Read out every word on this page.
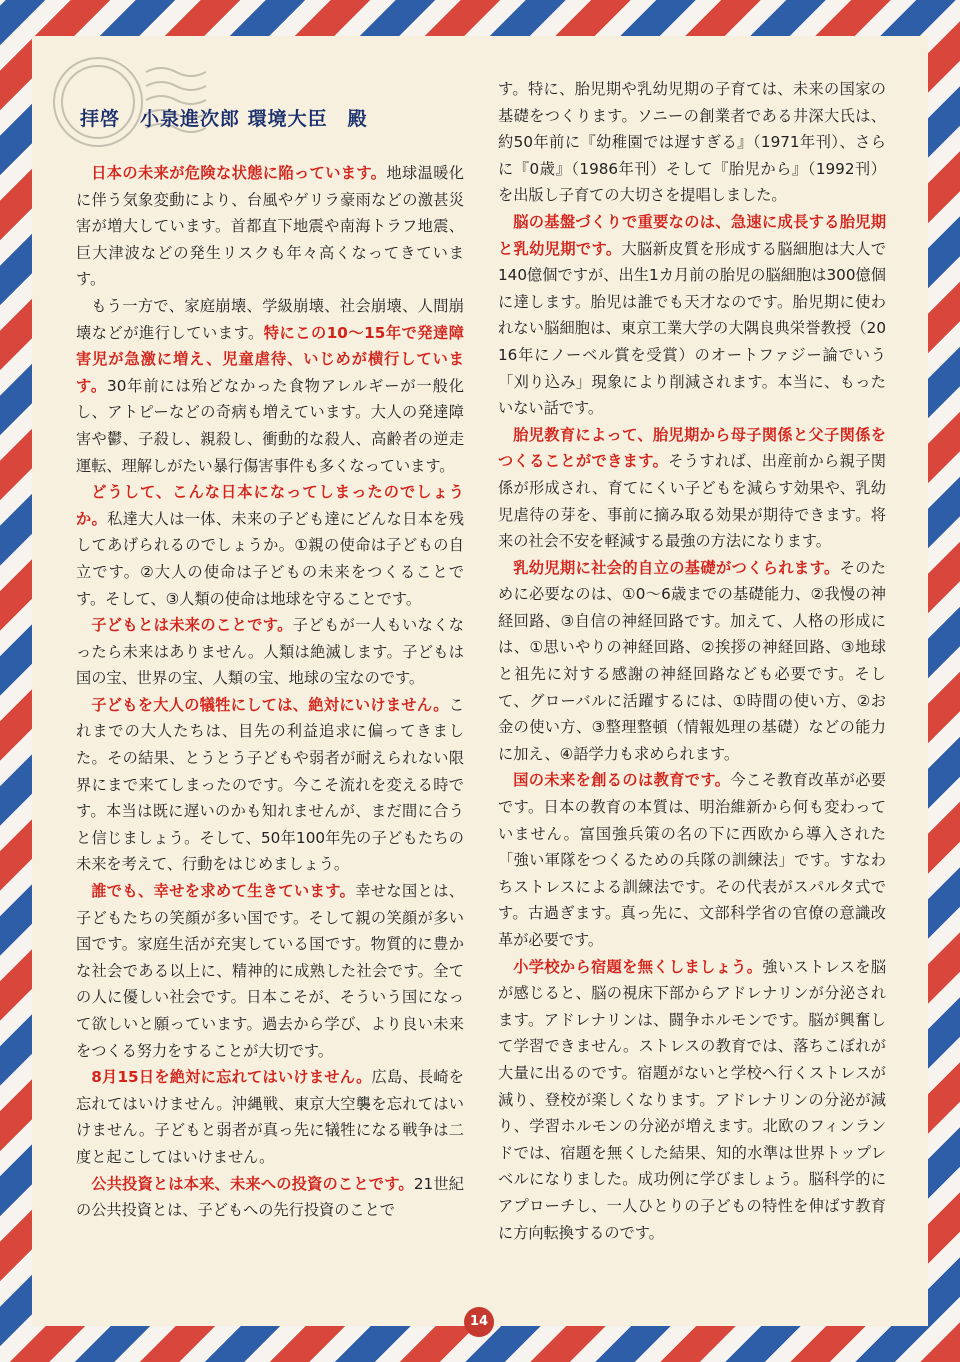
拝啓　小泉進次郎 環境大臣　殿

日本の未来が危険な状態に陥っています。地球温暖化に伴う気象変動により、台風やゲリラ豪雨などの激甚災害が増大しています。首都直下地震や南海トラフ地震、巨大津波などの発生リスクも年々高くなってきています。

もう一方で、家庭崩壊、学級崩壊、社会崩壊、人間崩壊などが進行しています。特にこの10〜15年で発達障害児が急激に増え、児童虐待、いじめが横行しています。30年前には殆どなかった食物アレルギーが一般化し、アトピーなどの奇病も増えています。大人の発達障害や鬱、子殺し、親殺し、衝動的な殺人、高齢者の逆走運転、理解しがたい暴行傷害事件も多くなっています。

どうして、こんな日本になってしまったのでしょうか。私達大人は一体、未来の子ども達にどんな日本を残してあげられるのでしょうか。①親の使命は子どもの自立です。②大人の使命は子どもの未来をつくることです。そして、③人類の使命は地球を守ることです。

子どもとは未来のことです。子どもが一人もいなくなったら未来はありません。人類は絶滅します。子どもは国の宝、世界の宝、人類の宝、地球の宝なのです。

子どもを大人の犠牲にしては、絶対にいけません。これまでの大人たちは、目先の利益追求に偏ってきました。その結果、とうとう子どもや弱者が耐えられない限界にまで来てしまったのです。今こそ流れを変える時です。本当は既に遅いのかも知れませんが、まだ間に合うと信じましょう。そして、50年100年先の子どもたちの未来を考えて、行動をはじめましょう。

誰でも、幸せを求めて生きています。幸せな国とは、子どもたちの笑顔が多い国です。そして親の笑顔が多い国です。家庭生活が充実している国です。物質的に豊かな社会である以上に、精神的に成熟した社会です。全ての人に優しい社会です。日本こそが、そういう国になって欲しいと願っています。過去から学び、より良い未来をつくる努力をすることが大切です。

8月15日を絶対に忘れてはいけません。広島、長崎を忘れてはいけません。沖縄戦、東京大空襲を忘れてはいけません。子どもと弱者が真っ先に犠牲になる戦争は二度と起こしてはいけません。

公共投資とは本来、未来への投資のことです。21世紀の公共投資とは、子どもへの先行投資のことで

す。特に、胎児期や乳幼児期の子育ては、未来の国家の基礎をつくります。ソニーの創業者である井深大氏は、約50年前に『幼稚園では遅すぎる』（1971年刊）、さらに『0歳』（1986年刊）そして『胎児から』（1992刊）を出版し子育ての大切さを提唱しました。

脳の基盤づくりで重要なのは、急速に成長する胎児期と乳幼児期です。大脳新皮質を形成する脳細胞は大人で140億個ですが、出生1カ月前の胎児の脳細胞は300億個に達します。胎児は誰でも天才なのです。胎児期に使われない脳細胞は、東京工業大学の大隅良典栄誉教授（2016年にノーベル賞を受賞）のオートファジー論でいう「刈り込み」現象により削減されます。本当に、もったいない話です。

胎児教育によって、胎児期から母子関係と父子関係をつくることができます。そうすれば、出産前から親子関係が形成され、育てにくい子どもを減らす効果や、乳幼児虐待の芽を、事前に摘み取る効果が期待できます。将来の社会不安を軽減する最強の方法になります。

乳幼児期に社会的自立の基礎がつくられます。そのために必要なのは、①0〜6歳までの基礎能力、②我慢の神経回路、③自信の神経回路です。加えて、人格の形成には、①思いやりの神経回路、②挨拶の神経回路、③地球と祖先に対する感謝の神経回路なども必要です。そして、グローバルに活躍するには、①時間の使い方、②お金の使い方、③整理整頓（情報処理の基礎）などの能力に加え、④語学力も求められます。

国の未来を創るのは教育です。今こそ教育改革が必要です。日本の教育の本質は、明治維新から何も変わっていません。富国強兵策の名の下に西欧から導入された「強い軍隊をつくるための兵隊の訓練法」です。すなわちストレスによる訓練法です。その代表がスパルタ式です。古過ぎます。真っ先に、文部科学省の官僚の意識改革が必要です。

小学校から宿題を無くしましょう。強いストレスを脳が感じると、脳の視床下部からアドレナリンが分泌されます。アドレナリンは、闘争ホルモンです。脳が興奮して学習できません。ストレスの教育では、落ちこぼれが大量に出るのです。宿題がないと学校へ行くストレスが減り、登校が楽しくなります。アドレナリンの分泌が減り、学習ホルモンの分泌が増えます。北欧のフィンランドでは、宿題を無くした結果、知的水準は世界トップレベルになりました。成功例に学びましょう。脳科学的にアプローチし、一人ひとりの子どもの特性を伸ばす教育に方向転換するのです。

14
